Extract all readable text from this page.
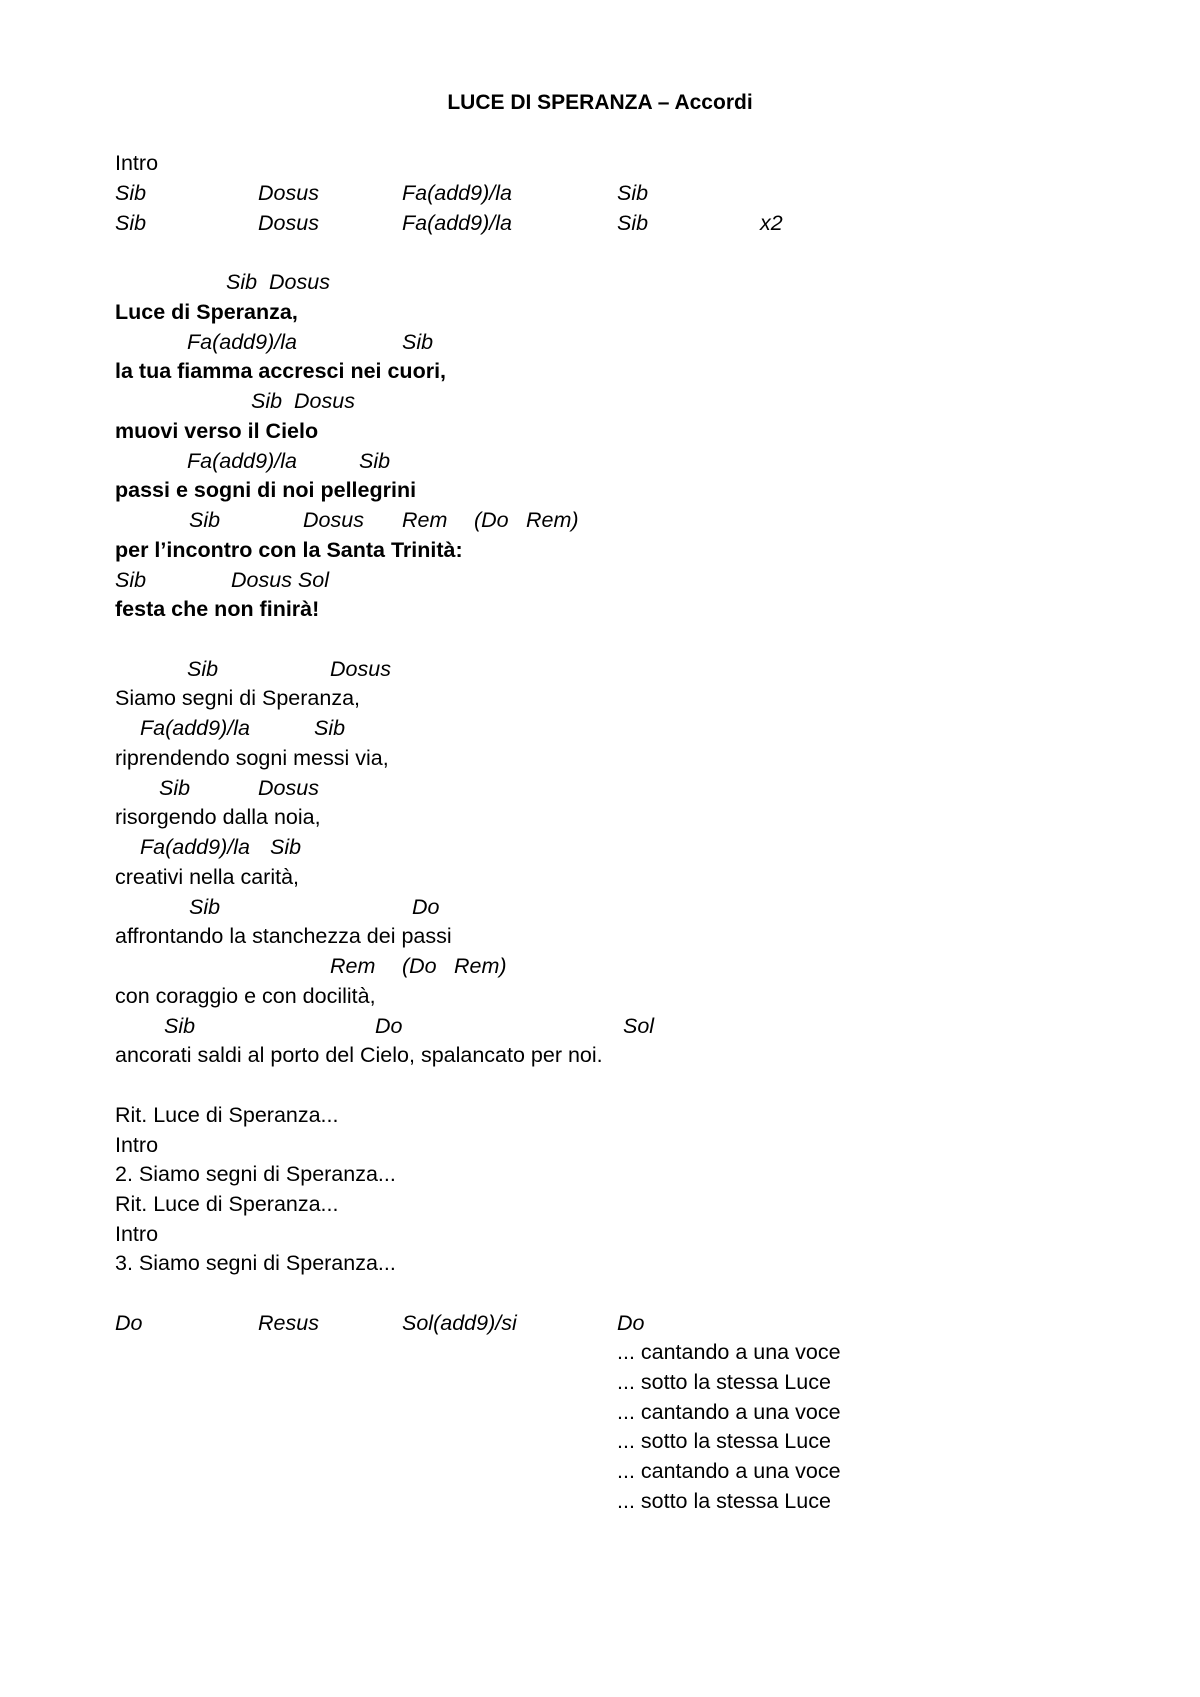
LUCE DI SPERANZA – Accordi
Intro
Sib	Dosus	Fa(add9)/la	Sib
Sib	Dosus	Fa(add9)/la	Sib	x2
Sib Dosus
Luce di Speranza,
Fa(add9)/la	Sib
la tua fiamma accresci nei cuori,
Sib Dosus
muovi verso il Cielo
Fa(add9)/la	Sib
passi e sogni di noi pellegrini
Sib	Dosus Rem (Do Rem)
per l’incontro con la Santa Trinità:
Sib	Dosus Sol
festa che non finirà!
Sib	Dosus
Siamo segni di Speranza,
Fa(add9)/la	Sib
riprendendo sogni messi via,
Sib	Dosus
risorgendo dalla noia,
Fa(add9)/la Sib
creativi nella carità,
Sib	Do
affrontando la stanchezza dei passi
Rem (Do Rem)
con coraggio e con docilità,
Sib	Do	Sol
ancorati saldi al porto del Cielo, spalancato per noi.
Rit. Luce di Speranza...
Intro
2. Siamo segni di Speranza...
Rit. Luce di Speranza...
Intro
3. Siamo segni di Speranza...
Do	Resus	Sol(add9)/si	Do
... cantando a una voce
... sotto la stessa Luce
... cantando a una voce
... sotto la stessa Luce
... cantando a una voce
... sotto la stessa Luce
